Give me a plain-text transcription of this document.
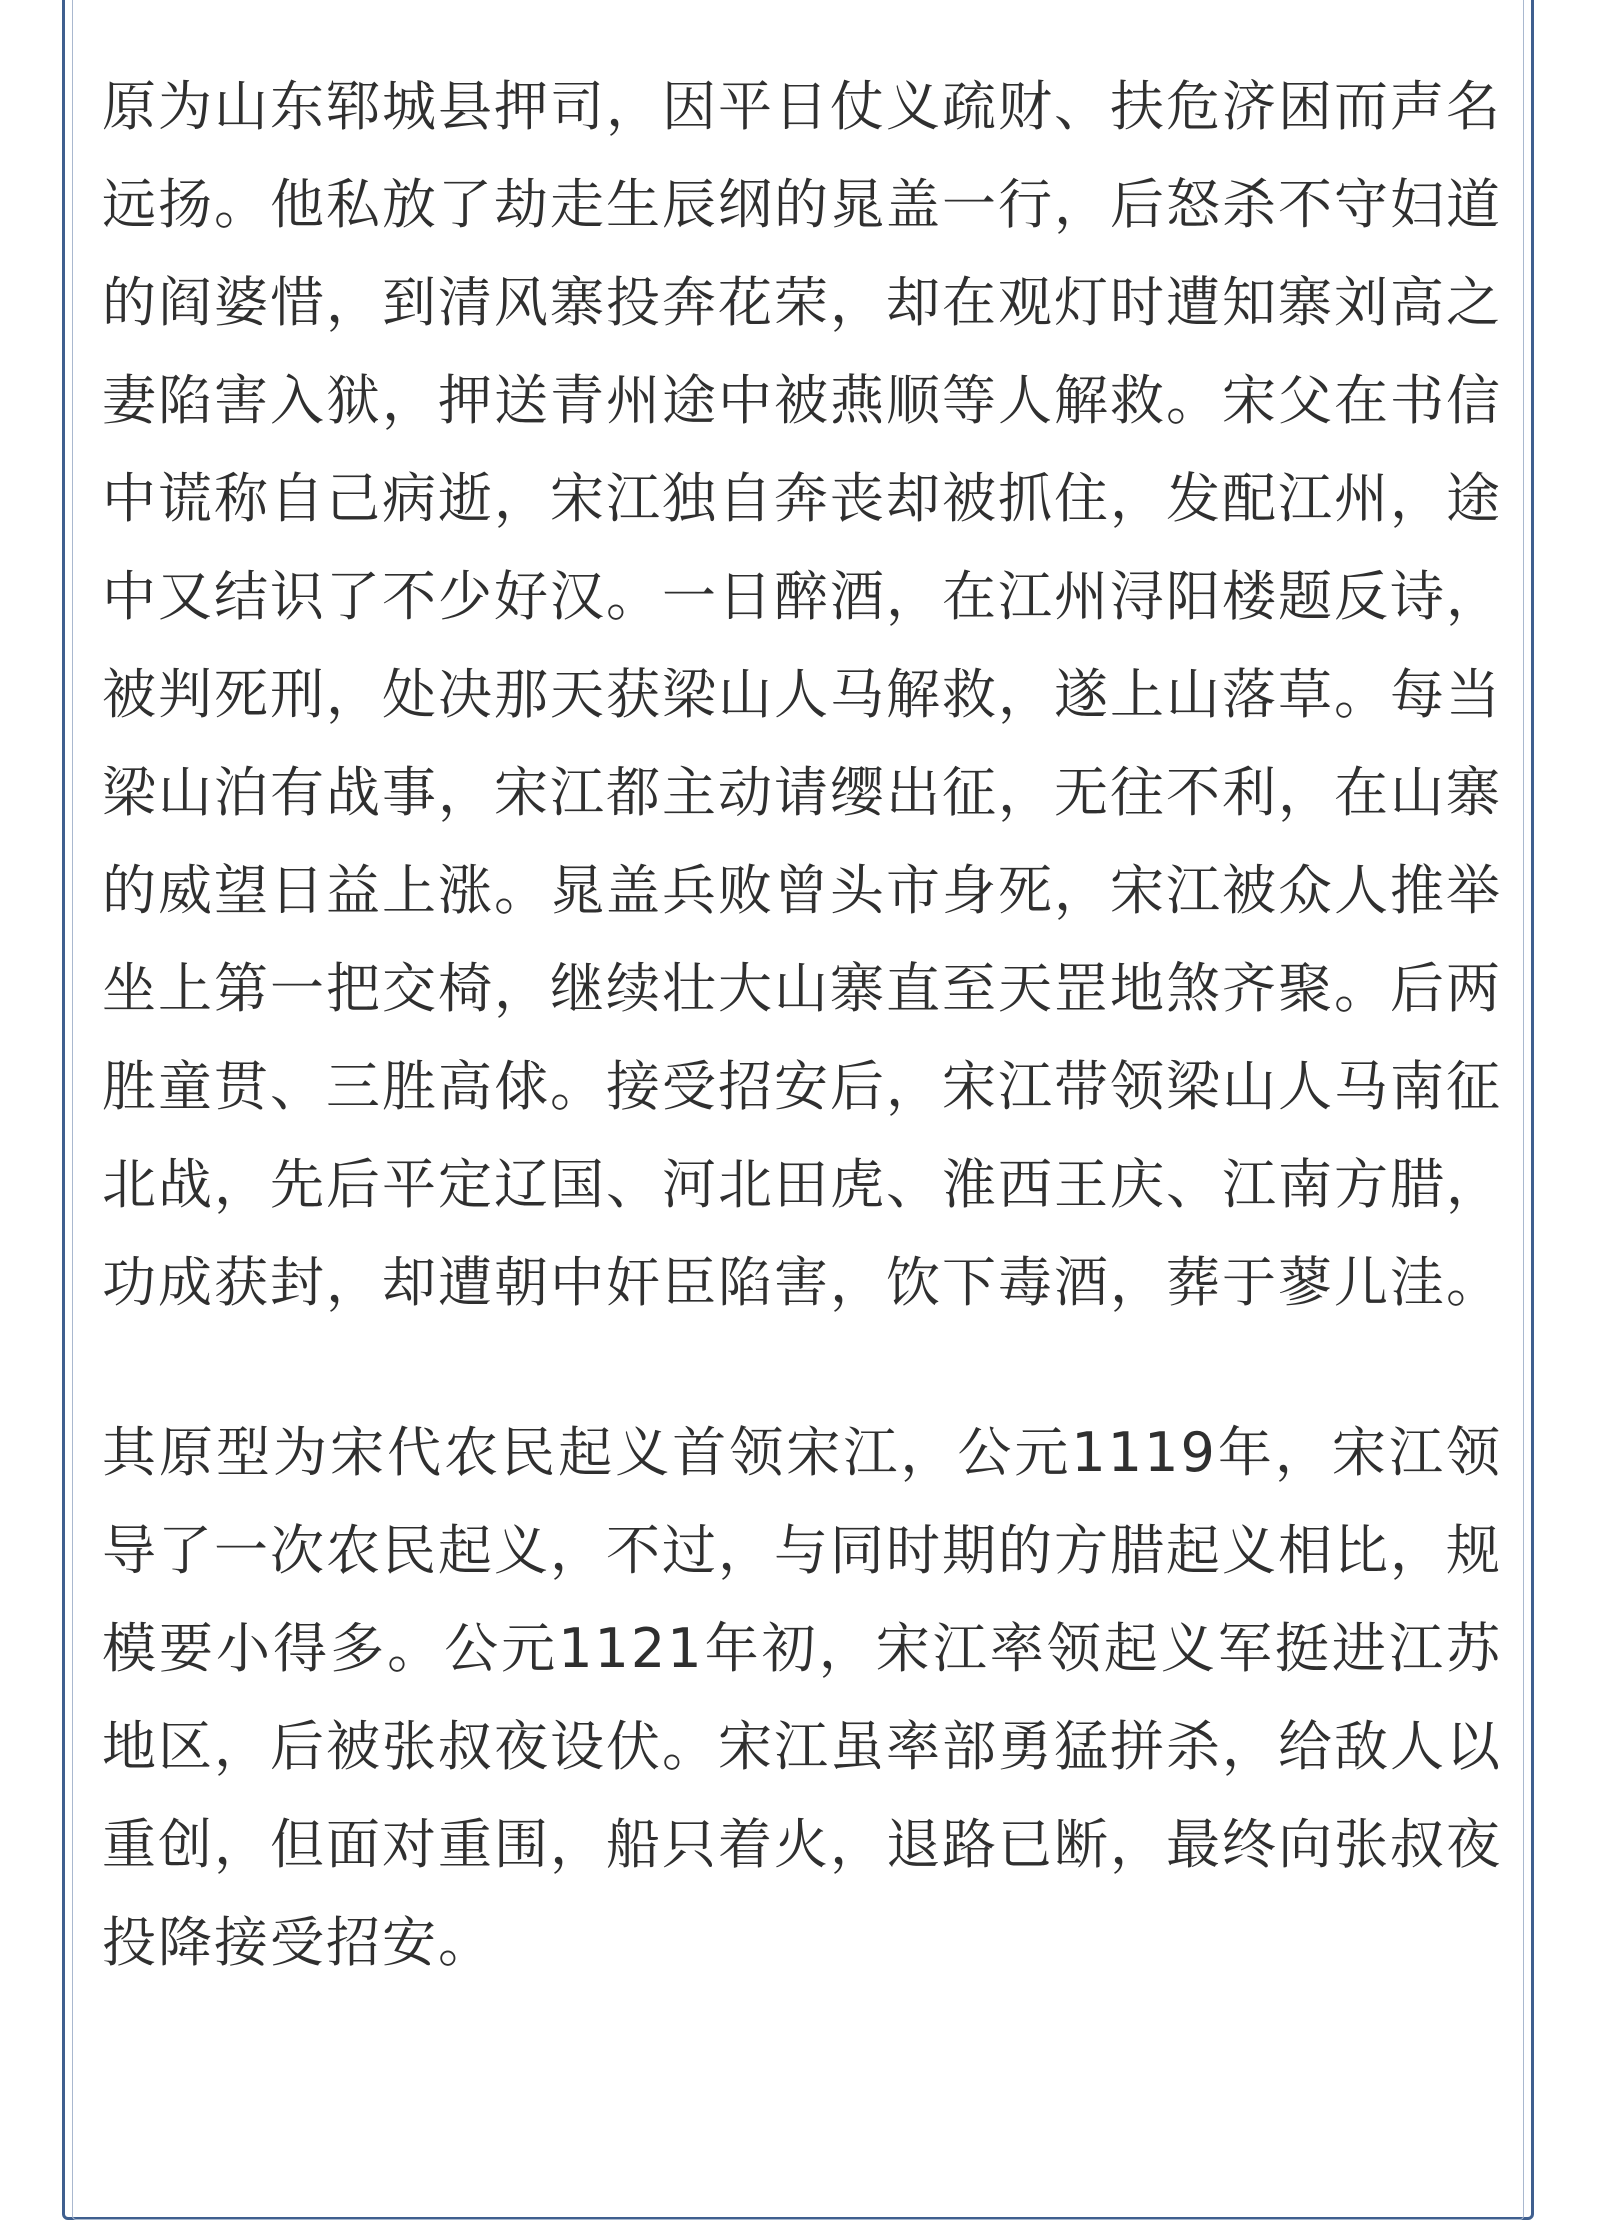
原为山东郓城县押司，因平日仗义疏财、扶危济困而声名远扬。他私放了劫走生辰纲的晁盖一行，后怒杀不守妇道的阎婆惜，到清风寨投奔花荣，却在观灯时遭知寨刘高之妻陷害入狱，押送青州途中被燕顺等人解救。宋父在书信中谎称自己病逝，宋江独自奔丧却被抓住，发配江州，途中又结识了不少好汉。一日醉酒，在江州浔阳楼题反诗，被判死刑，处决那天获梁山人马解救，遂上山落草。每当梁山泊有战事，宋江都主动请缨出征，无往不利，在山寨的威望日益上涨。晁盖兵败曾头市身死，宋江被众人推举坐上第一把交椅，继续壮大山寨直至天罡地煞齐聚。后两胜童贯、三胜高俅。接受招安后，宋江带领梁山人马南征北战，先后平定辽国、河北田虎、淮西王庆、江南方腊，功成获封，却遭朝中奸臣陷害，饮下毒酒，葬于蓼儿洼。

其原型为宋代农民起义首领宋江，公元1119年，宋江领导了一次农民起义，不过，与同时期的方腊起义相比，规模要小得多。公元1121年初，宋江率领起义军挺进江苏地区，后被张叔夜设伏。宋江虽率部勇猛拼杀，给敌人以重创，但面对重围，船只着火，退路已断，最终向张叔夜投降接受招安。
